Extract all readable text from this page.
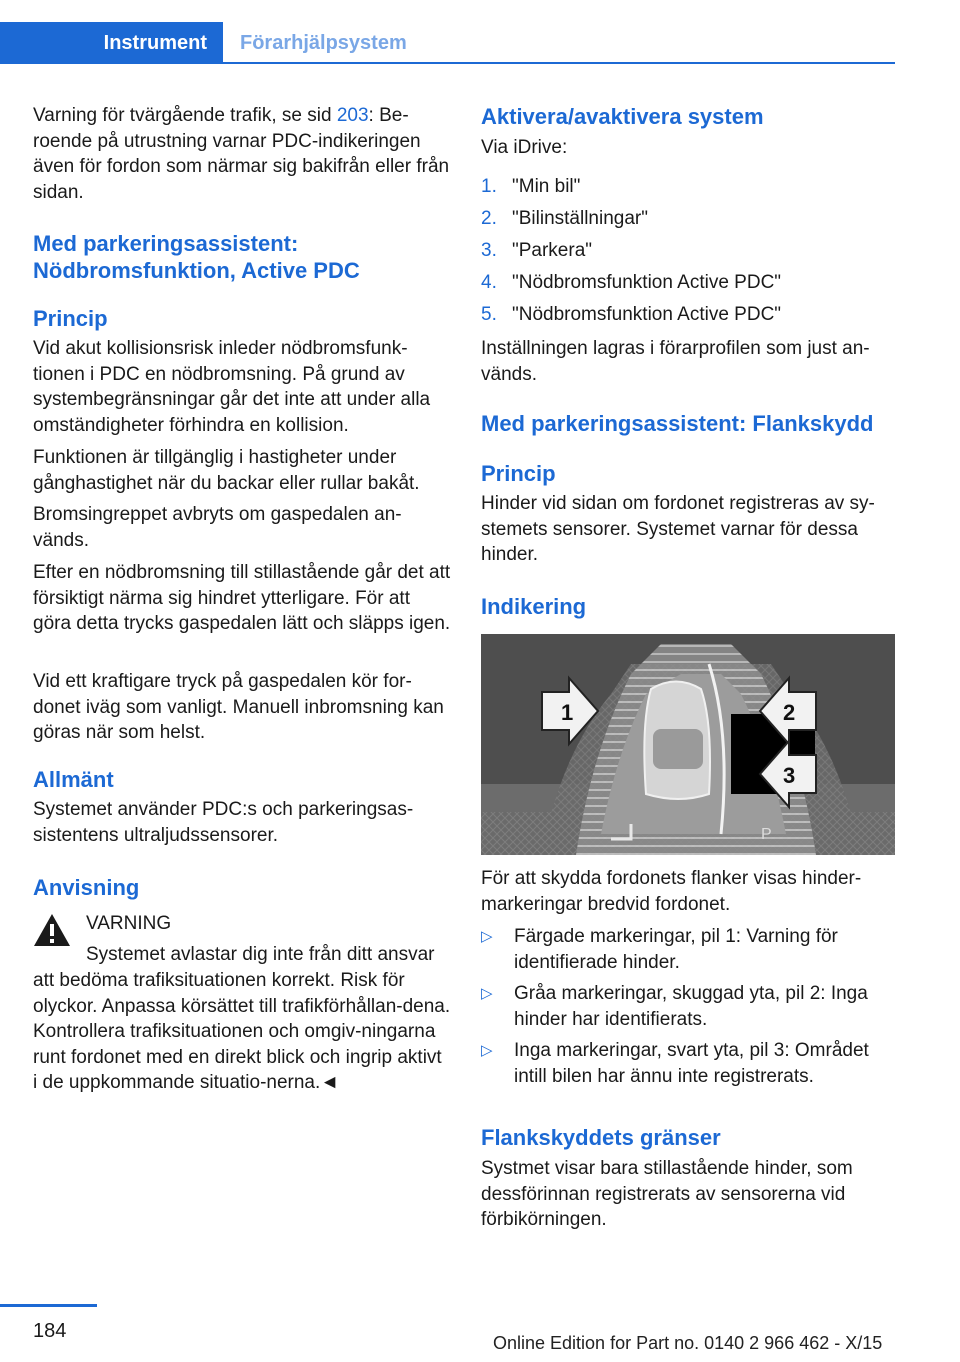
Instrument	Förarhjälpsystem

Varning för tvärgående trafik, se sid 203: Be‐roende på utrustning varnar PDC-indikeringen även för fordon som närmar sig bakifrån eller från sidan.

Med parkeringsassistent: Nödbromsfunktion, Active PDC
Princip

Vid akut kollisionsrisk inleder nödbromsfunk‐tionen i PDC en nödbromsning. På grund av systembegränsningar går det inte att under alla omständigheter förhindra en kollision.

Funktionen är tillgänglig i hastigheter under gånghastighet när du backar eller rullar bakåt.

Bromsingreppet avbryts om gaspedalen an‐vänds.

Efter en nödbromsning till stillastående går det att försiktigt närma sig hindret ytterligare. För att göra detta trycks gaspedalen lätt och släpps igen.

Vid ett kraftigare tryck på gaspedalen kör for‐donet iväg som vanligt. Manuell inbromsning kan göras när som helst.

Allmänt

Systemet använder PDC:s och parkeringsas‐sistentens ultraljudssensorer.

Anvisning

VARNING

Systemet avlastar dig inte från ditt ansvar

att bedöma trafiksituationen korrekt. Risk för olyckor. Anpassa körsättet till trafikförhållan‐dena. Kontrollera trafiksituationen och omgiv‐ningarna runt fordonet med en direkt blick och ingrip aktivt i de uppkommande situatio‐nerna.◄

Aktivera/avaktivera system

Via iDrive:

1. "Min bil"
2. "Bilinställningar"
3. "Parkera"
4. "Nödbromsfunktion Active PDC"
5. "Nödbromsfunktion Active PDC"

Inställningen lagras i förarprofilen som just an‐vänds.

Med parkeringsassistent: Flankskydd
Princip

Hinder vid sidan om fordonet registreras av sy‐stemets sensorer. Systemet varnar för dessa hinder.

Indikering
P
1	2
3

För att skydda fordonets flanker visas hinder‐markeringar bredvid fordonet.

▷ Färgade markeringar, pil 1: Varning för identifierade hinder.
▷ Gråa markeringar, skuggad yta, pil 2: Inga hinder har identifierats.
▷ Inga markeringar, svart yta, pil 3: Området intill bilen har ännu inte registrerats.
Flankskyddets gränser

Systmet visar bara stillastående hinder, som dessförinnan registrerats av sensorerna vid förbikörningen.

184
Online Edition for Part no. 0140 2 966 462 - X/15
